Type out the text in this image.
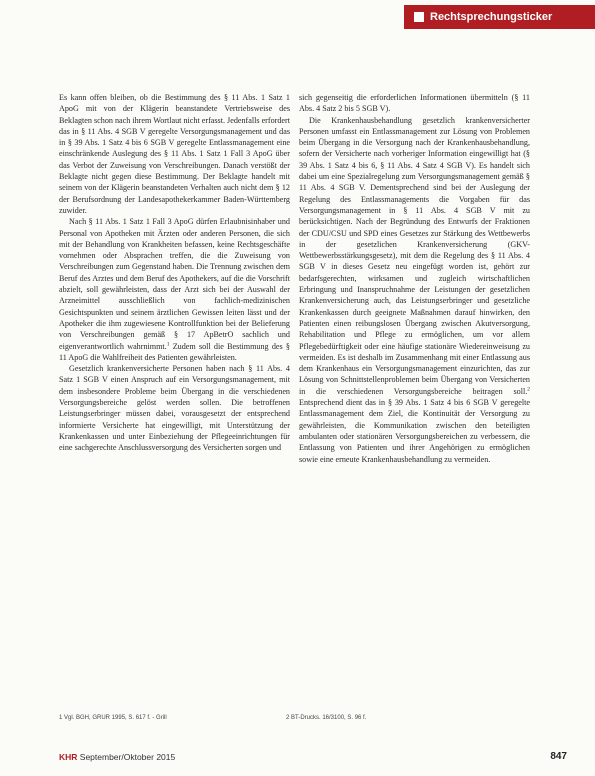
Rechtsprechungsticker

Es kann offen bleiben, ob die Bestimmung des § 11 Abs. 1 Satz 1 ApoG mit von der Klägerin beanstandete Vertriebsweise des Beklagten schon nach ihrem Wortlaut nicht erfasst. Jedenfalls erfordert das in § 11 Abs. 4 SGB V geregelte Versorgungsmanagement und das in § 39 Abs. 1 Satz 4 bis 6 SGB V geregelte Entlassmanagement eine einschränkende Auslegung des § 11 Abs. 1 Satz 1 Fall 3 ApoG über das Verbot der Zuweisung von Verschreibungen. Danach verstößt der Beklagte nicht gegen diese Bestimmung. Der Beklagte handelt mit seinem von der Klägerin beanstandeten Verhalten auch nicht dem § 12 der Berufsordnung der Landesapothekerkammer Baden-Württemberg zuwider.

Nach § 11 Abs. 1 Satz 1 Fall 3 ApoG dürfen Erlaubnisinhaber und Personal von Apotheken mit Ärzten oder anderen Personen, die sich mit der Behandlung von Krankheiten befassen, keine Rechtsgeschäfte vornehmen oder Absprachen treffen, die die Zuweisung von Verschreibungen zum Gegenstand haben. Die Trennung zwischen dem Beruf des Arztes und dem Beruf des Apothekers, auf die die Vorschrift abzielt, soll gewährleisten, dass der Arzt sich bei der Auswahl der Arzneimittel ausschließlich von fachlich-medizinischen Gesichtspunkten und seinem ärztlichen Gewissen leiten lässt und der Apotheker die ihm zugewiesene Kontrollfunktion bei der Belieferung von Verschreibungen gemäß § 17 ApBetrO sachlich und eigenverantwortlich wahrnimmt.$^1$ Zudem soll die Bestimmung des § 11 ApoG die Wahlfreiheit des Patienten gewährleisten.

Gesetzlich krankenversicherte Personen haben nach § 11 Abs. 4 Satz 1 SGB V einen Anspruch auf ein Versorgungsmanagement, mit dem insbesondere Probleme beim Übergang in die verschiedenen Versorgungsbereiche gelöst werden sollen. Die betroffenen Leistungserbringer müssen dabei, vorausgesetzt der entsprechend informierte Versicherte hat eingewilligt, mit Unterstützung der Krankenkassen und unter Einbeziehung der Pflegeeinrichtungen für eine sachgerechte Anschlussversorgung des Versicherten sorgen und

sich gegenseitig die erforderlichen Informationen übermitteln (§ 11 Abs. 4 Satz 2 bis 5 SGB V).

Die Krankenhausbehandlung gesetzlich krankenversicherter Personen umfasst ein Entlassmanagement zur Lösung von Problemen beim Übergang in die Versorgung nach der Krankenhausbehandlung, sofern der Versicherte nach vorheriger Information eingewilligt hat (§ 39 Abs. 1 Satz 4 bis 6, § 11 Abs. 4 Satz 4 SGB V). Es handelt sich dabei um eine Spezialregelung zum Versorgungsmanagement gemäß § 11 Abs. 4 SGB V. Dementsprechend sind bei der Auslegung der Regelung des Entlassmanagements die Vorgaben für das Versorgungsmanagement in § 11 Abs. 4 SGB V mit zu berücksichtigen. Nach der Begründung des Entwurfs der Fraktionen der CDU/CSU und SPD eines Gesetzes zur Stärkung des Wettbewerbs in der gesetzlichen Krankenversicherung (GKV-Wettbewerbsstärkungsgesetz), mit dem die Regelung des § 11 Abs. 4 SGB V in dieses Gesetz neu eingefügt worden ist, gehört zur bedarfsgerechten, wirksamen und zugleich wirtschaftlichen Erbringung und Inanspruchnahme der Leistungen der gesetzlichen Krankenversicherung auch, das Leistungserbringer und gesetzliche Krankenkassen durch geeignete Maßnahmen darauf hinwirken, den Patienten einen reibungslosen Übergang zwischen Akutversorgung, Rehabilitation und Pflege zu ermöglichen, um vor allem Pflegebedürftigkeit oder eine häufige stationäre Wiedereinweisung zu vermeiden. Es ist deshalb im Zusammenhang mit einer Entlassung aus dem Krankenhaus ein Versorgungsmanagement einzurichten, das zur Lösung von Schnittstellenproblemen beim Übergang von Versicherten in die verschiedenen Versorgungsbereiche beitragen soll.$^2$ Entsprechend dient das in § 39 Abs. 1 Satz 4 bis 6 SGB V geregelte Entlassmanagement dem Ziel, die Kontinuität der Versorgung zu gewährleisten, die Kommunikation zwischen den beteiligten ambulanten oder stationären Versorgungsbereichen zu verbessern, die Entlassung von Patienten und ihrer Angehörigen zu ermöglichen sowie eine erneute Krankenhausbehandlung zu vermeiden.

1 Vgl. BGH, GRUR 1995, S. 617 f. - Grill	2 BT-Drucks. 16/3100, S. 96 f.
KHR September/Oktober 2015	847
